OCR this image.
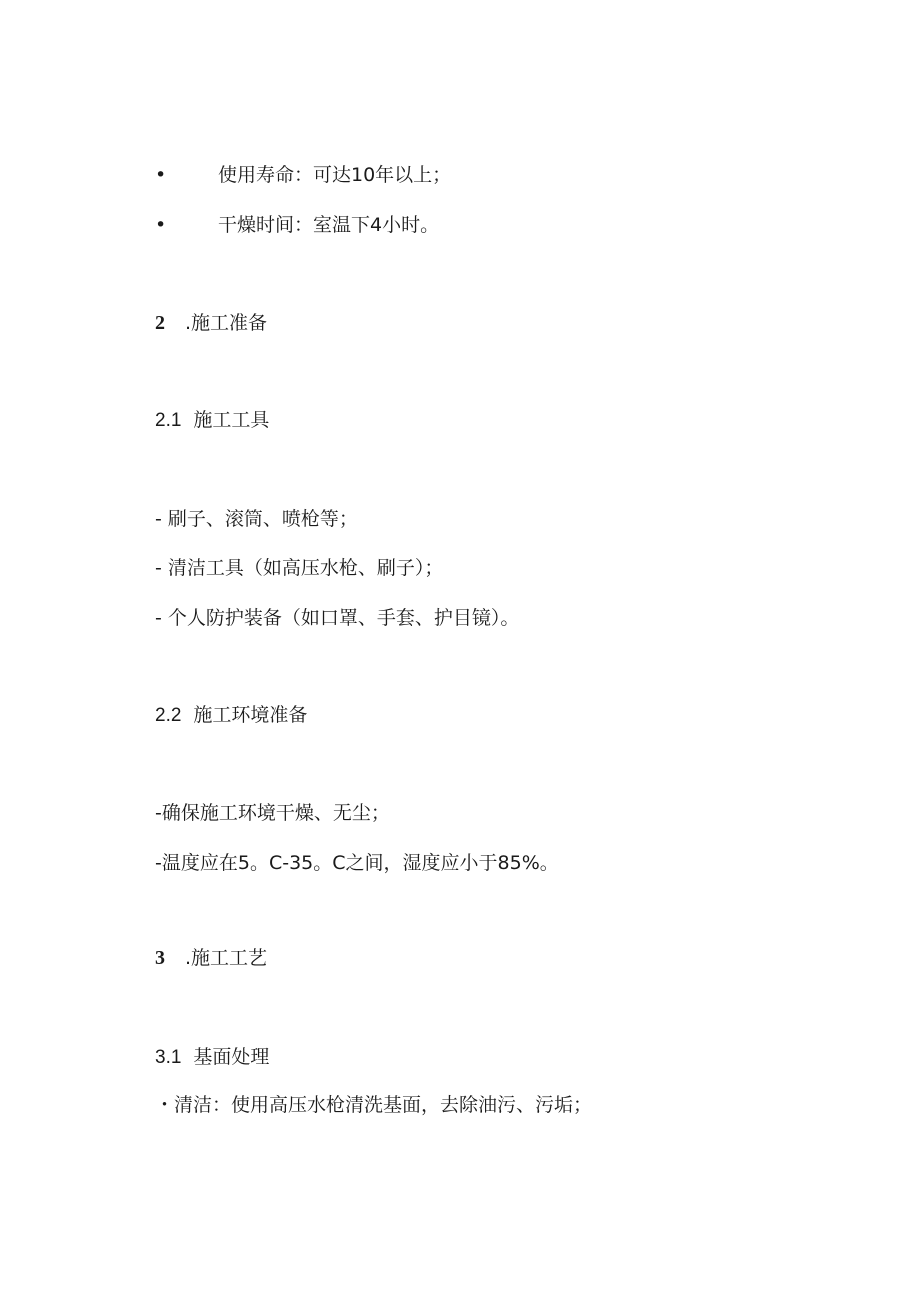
•	使用寿命：可达10年以上；
•	干燥时间：室温下4小时。
2 .施工准备
2.1 施工工具
- 刷子、滚筒、喷枪等；
- 清洁工具（如高压水枪、刷子）；
- 个人防护装备（如口罩、手套、护目镜）。
2.2 施工环境准备
-确保施工环境干燥、无尘；
-温度应在5。C-35。C之间，湿度应小于85%。
3 .施工工艺
3.1 基面处理
・清洁：使用高压水枪清洗基面，去除油污、污垢；
